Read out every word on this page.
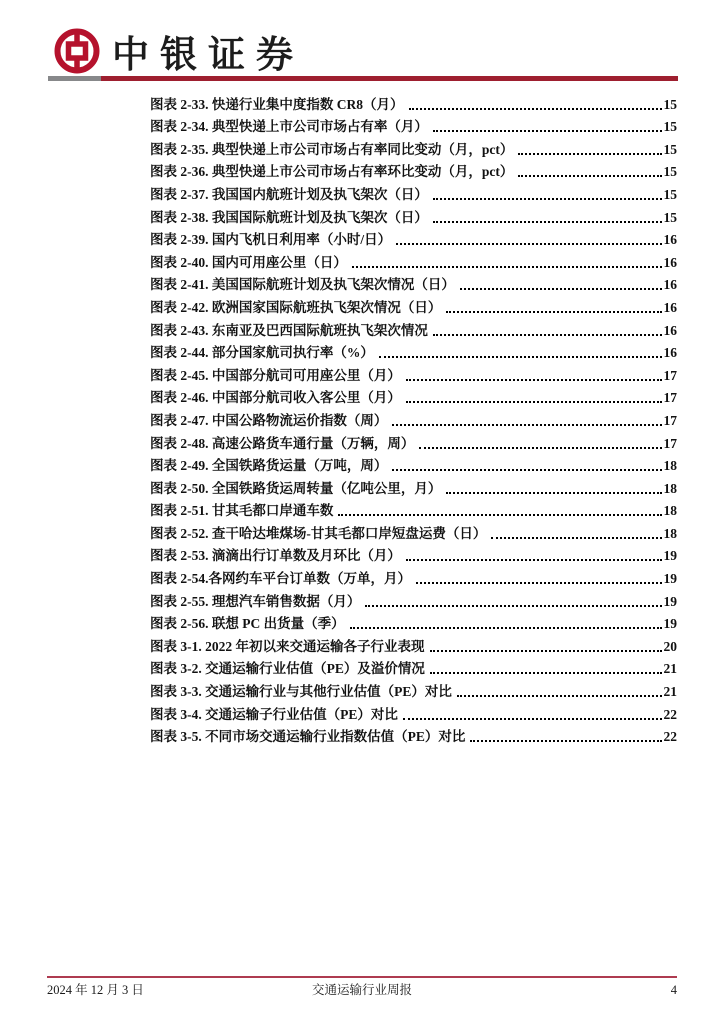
中银证券
图表 2-33. 快递行业集中度指数 CR8（月）	15
图表 2-34. 典型快递上市公司市场占有率（月）	15
图表 2-35. 典型快递上市公司市场占有率同比变动（月，pct）	15
图表 2-36. 典型快递上市公司市场占有率环比变动（月，pct）	15
图表 2-37. 我国国内航班计划及执飞架次（日）	15
图表 2-38. 我国国际航班计划及执飞架次（日）	15
图表 2-39. 国内飞机日利用率（小时/日）	16
图表 2-40. 国内可用座公里（日）	16
图表 2-41. 美国国际航班计划及执飞架次情况（日）	16
图表 2-42. 欧洲国家国际航班执飞架次情况（日）	16
图表 2-43. 东南亚及巴西国际航班执飞架次情况	16
图表 2-44. 部分国家航司执行率（%）	16
图表 2-45. 中国部分航司可用座公里（月）	17
图表 2-46. 中国部分航司收入客公里（月）	17
图表 2-47. 中国公路物流运价指数（周）	17
图表 2-48. 高速公路货车通行量（万辆，周）	17
图表 2-49. 全国铁路货运量（万吨，周）	18
图表 2-50. 全国铁路货运周转量（亿吨公里，月）	18
图表 2-51. 甘其毛都口岸通车数	18
图表 2-52. 查干哈达堆煤场-甘其毛都口岸短盘运费（日）	18
图表 2-53. 滴滴出行订单数及月环比（月）	19
图表 2-54.各网约车平台订单数（万单，月）	19
图表 2-55. 理想汽车销售数据（月）	19
图表 2-56. 联想 PC 出货量（季）	19
图表 3-1. 2022 年初以来交通运输各子行业表现	20
图表 3-2. 交通运输行业估值（PE）及溢价情况	21
图表 3-3. 交通运输行业与其他行业估值（PE）对比	21
图表 3-4. 交通运输子行业估值（PE）对比	22
图表 3-5. 不同市场交通运输行业指数估值（PE）对比	22
2024 年 12 月 3 日	交通运输行业周报	4
